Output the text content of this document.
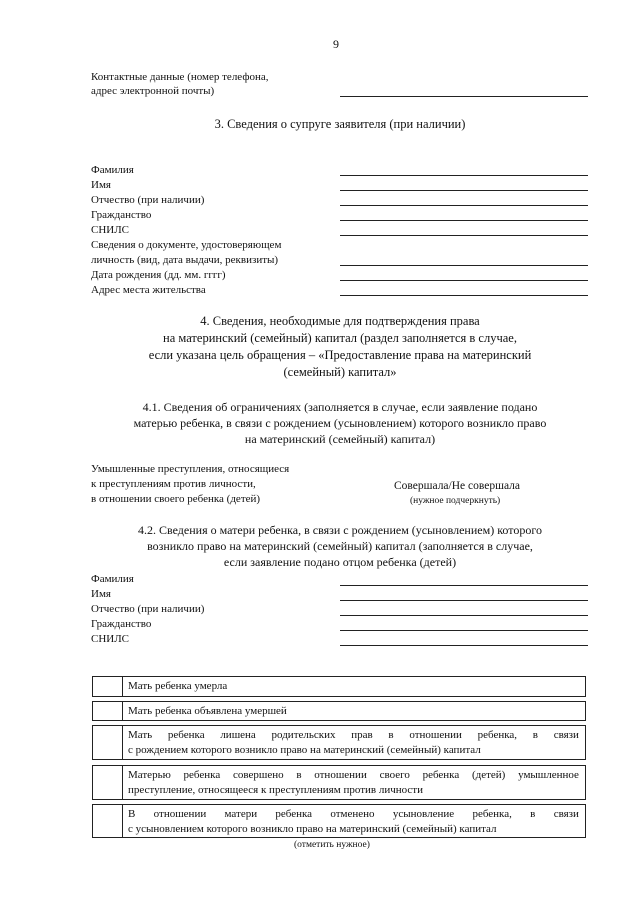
9
Контактные данные (номер телефона,
адрес электронной почты)
3. Сведения о супруге заявителя (при наличии)
Фамилия
Имя
Отчество (при наличии)
Гражданство
СНИЛС
Сведения о документе, удостоверяющем
личность (вид, дата выдачи, реквизиты)
Дата рождения (дд. мм. гггг)
Адрес места жительства
4. Сведения, необходимые для подтверждения права
на материнский (семейный) капитал (раздел заполняется в случае,
если указана цель обращения – «Предоставление права на материнский
(семейный) капитал»
4.1. Сведения об ограничениях (заполняется в случае, если заявление подано
матерью ребенка, в связи с рождением (усыновлением) которого возникло право
на материнский (семейный) капитал)
Умышленные преступления, относящиеся
к преступлениям против личности,
в отношении своего ребенка (детей)
Совершала/Не совершала
(нужное подчеркнуть)
4.2. Сведения о матери ребенка, в связи с рождением (усыновлением) которого
возникло право на материнский (семейный) капитал (заполняется в случае,
если заявление подано отцом ребенка (детей)
Фамилия
Имя
Отчество (при наличии)
Гражданство
СНИЛС
Мать ребенка умерла
Мать ребенка объявлена умершей
Мать ребенка лишена родительских прав в отношении ребенка, в связи
с рождением которого возникло право на материнский (семейный) капитал
Матерью ребенка совершено в отношении своего ребенка (детей) умышленное
преступление, относящееся к преступлениям против личности
В отношении матери ребенка отменено усыновление ребенка, в связи
с усыновлением которого возникло право на материнский (семейный) капитал
(отметить нужное)
